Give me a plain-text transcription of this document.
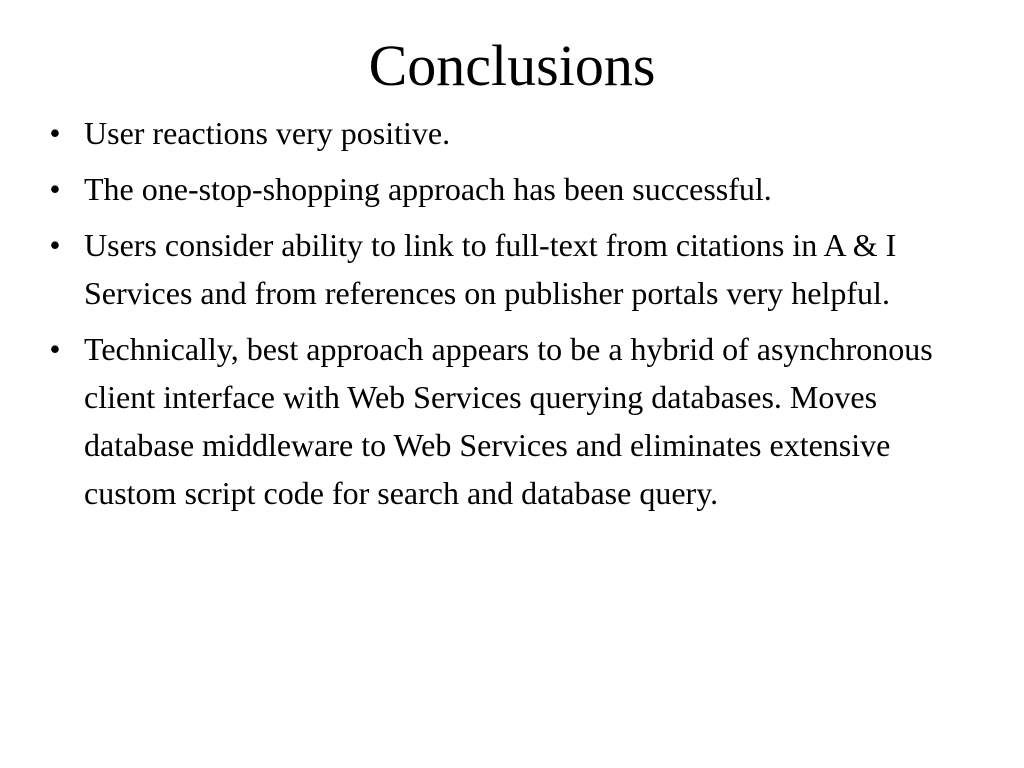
Conclusions
• User reactions very positive.
• The one-stop-shopping approach has been successful.
• Users consider ability to link to full-text from citations in A & I Services and from references on publisher portals very helpful.
• Technically, best approach appears to be a hybrid of asynchronous client interface with Web Services querying databases. Moves database middleware to Web Services and eliminates extensive custom script code for search and database query.
